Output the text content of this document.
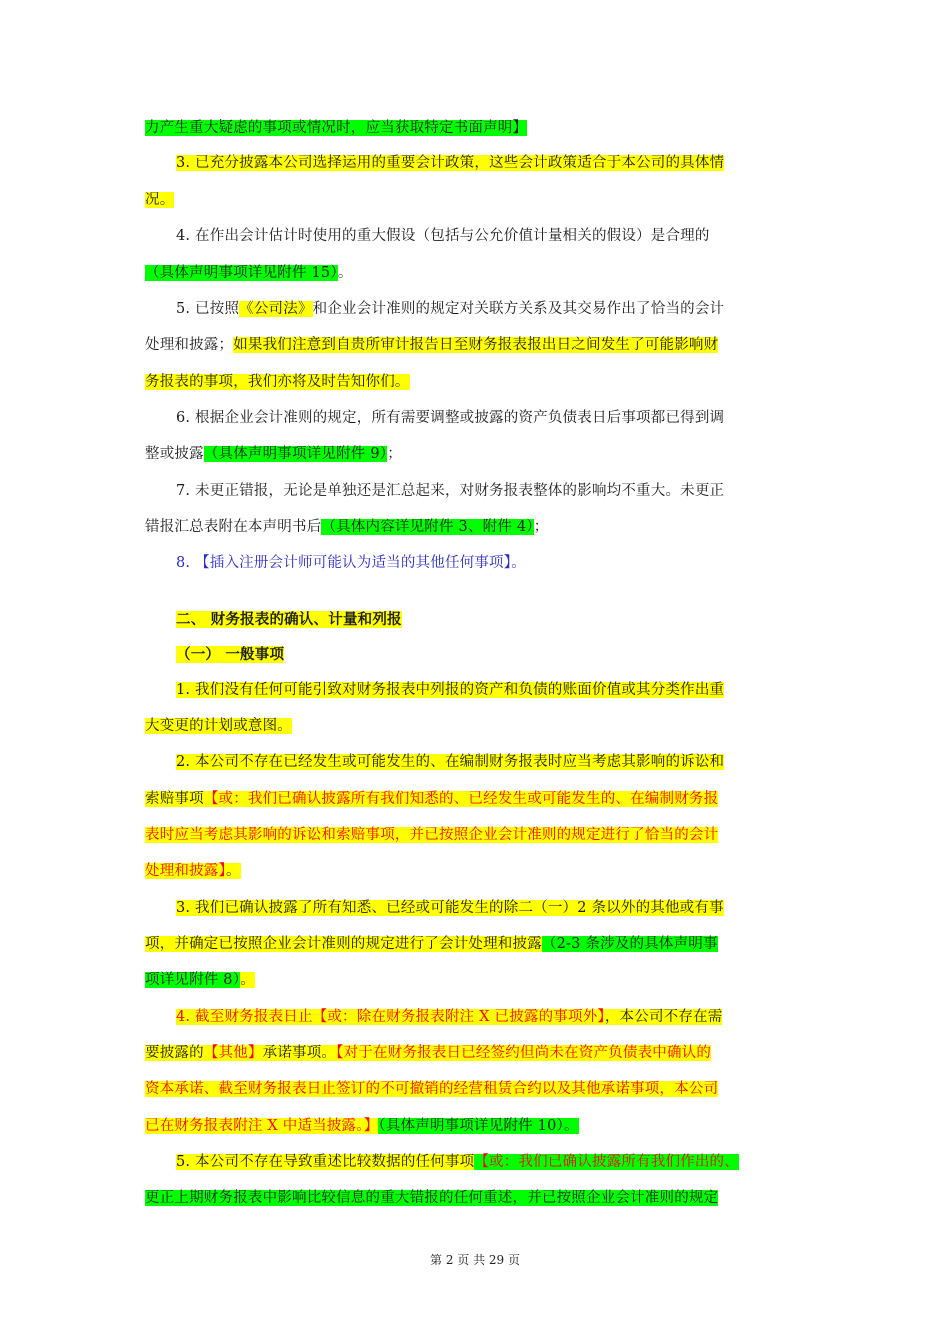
力产生重大疑虑的事项或情况时，应当获取特定书面声明】
3. 已充分披露本公司选择运用的重要会计政策，这些会计政策适合于本公司的具体情
况。
4. 在作出会计估计时使用的重大假设（包括与公允价值计量相关的假设）是合理的
（具体声明事项详见附件 15）。
5. 已按照《公司法》和企业会计准则的规定对关联方关系及其交易作出了恰当的会计
处理和披露；如果我们注意到自贵所审计报告日至财务报表报出日之间发生了可能影响财
务报表的事项，我们亦将及时告知你们。
6. 根据企业会计准则的规定，所有需要调整或披露的资产负债表日后事项都已得到调
整或披露（具体声明事项详见附件 9）；
7. 未更正错报，无论是单独还是汇总起来，对财务报表整体的影响均不重大。未更正
错报汇总表附在本声明书后（具体内容详见附件 3、附件 4）；
8. 【插入注册会计师可能认为适当的其他任何事项】。
二、 财务报表的确认、计量和列报
（一） 一般事项
1. 我们没有任何可能引致对财务报表中列报的资产和负债的账面价值或其分类作出重
大变更的计划或意图。
2. 本公司不存在已经发生或可能发生的、在编制财务报表时应当考虑其影响的诉讼和
索赔事项【或：我们已确认披露所有我们知悉的、已经发生或可能发生的、在编制财务报
表时应当考虑其影响的诉讼和索赔事项，并已按照企业会计准则的规定进行了恰当的会计
处理和披露】。
3. 我们已确认披露了所有知悉、已经或可能发生的除二（一）2 条以外的其他或有事
项，并确定已按照企业会计准则的规定进行了会计处理和披露（2-3 条涉及的具体声明事
项详见附件 8）。
4. 截至财务报表日止【或：除在财务报表附注 X 已披露的事项外】，本公司不存在需
要披露的【其他】承诺事项。【对于在财务报表日已经签约但尚未在资产负债表中确认的
资本承诺、截至财务报表日止签订的不可撤销的经营租赁合约以及其他承诺事项，本公司
已在财务报表附注 X 中适当披露。】（具体声明事项详见附件 10）。
5. 本公司不存在导致重述比较数据的任何事项【或：我们已确认披露所有我们作出的、
更正上期财务报表中影响比较信息的重大错报的任何重述，并已按照企业会计准则的规定
第 2 页 共 29 页
